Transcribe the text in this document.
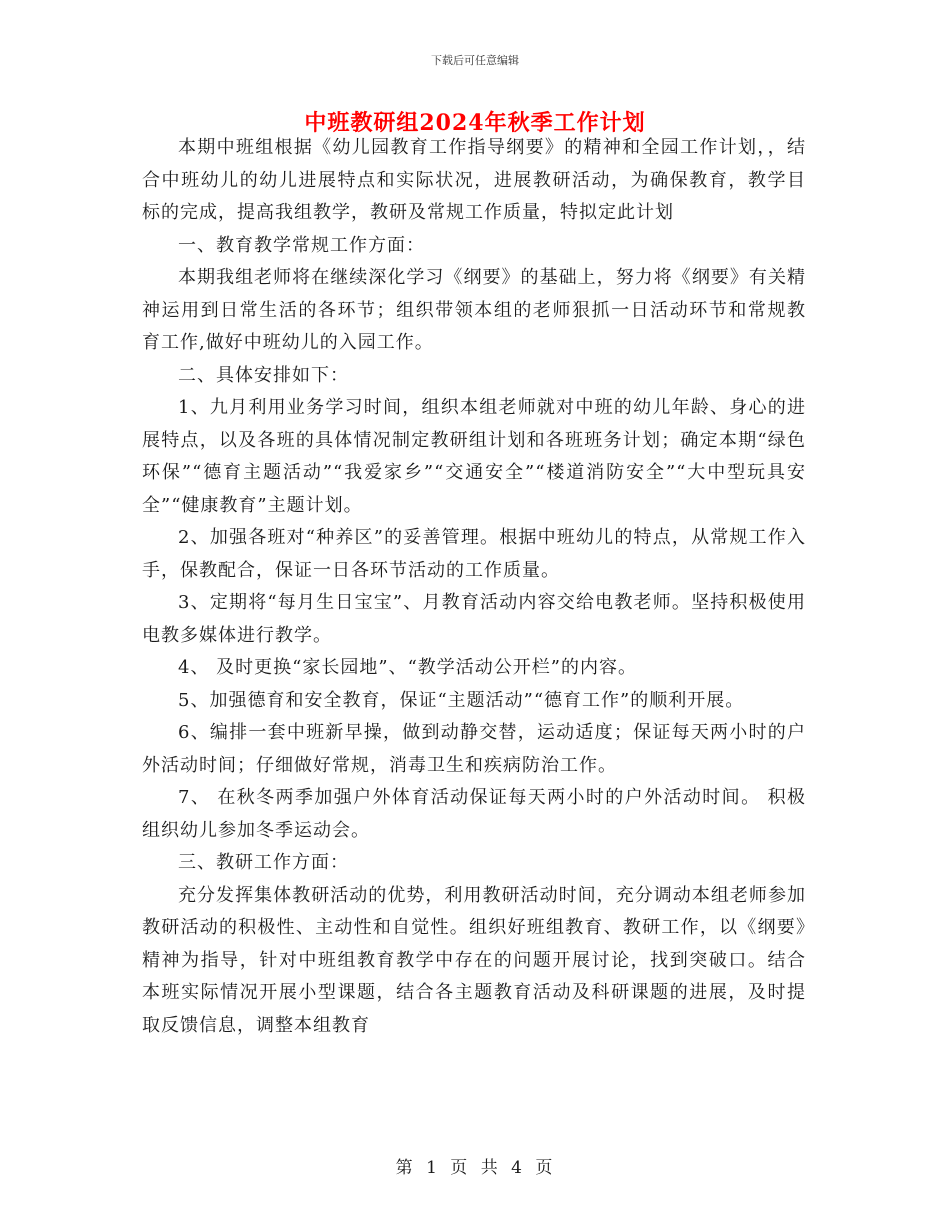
下载后可任意编辑
中班教研组2024年秋季工作计划

本期中班组根据《幼儿园教育工作指导纲要》的精神和全园工作计划，，结合中班幼儿的幼儿进展特点和实际状况，进展教研活动，为确保教育，教学目标的完成，提高我组教学，教研及常规工作质量，特拟定此计划

一、教育教学常规工作方面：

本期我组老师将在继续深化学习《纲要》的基础上，努力将《纲要》有关精神运用到日常生活的各环节；组织带领本组的老师狠抓一日活动环节和常规教育工作,做好中班幼儿的入园工作。

二、具体安排如下：

1、九月利用业务学习时间，组织本组老师就对中班的幼儿年龄、身心的进展特点，以及各班的具体情况制定教研组计划和各班班务计划；确定本期“绿色环保”“德育主题活动”“我爱家乡”“交通安全”“楼道消防安全”“大中型玩具安全”“健康教育”主题计划。

2、加强各班对“种养区”的妥善管理。根据中班幼儿的特点，从常规工作入手，保教配合，保证一日各环节活动的工作质量。

3、定期将“每月生日宝宝”、月教育活动内容交给电教老师。坚持积极使用电教多媒体进行教学。

4、 及时更换“家长园地”、“教学活动公开栏”的内容。

5、加强德育和安全教育，保证“主题活动”“德育工作”的顺利开展。

6、编排一套中班新早操，做到动静交替，运动适度；保证每天两小时的户外活动时间；仔细做好常规，消毒卫生和疾病防治工作。

7、 在秋冬两季加强户外体育活动保证每天两小时的户外活动时间。 积极组织幼儿参加冬季运动会。

三、教研工作方面：

充分发挥集体教研活动的优势，利用教研活动时间，充分调动本组老师参加教研活动的积极性、主动性和自觉性。组织好班组教育、教研工作，以《纲要》精神为指导，针对中班组教育教学中存在的问题开展讨论，找到突破口。结合本班实际情况开展小型课题，结合各主题教育活动及科研课题的进展，及时提取反馈信息，调整本组教育

第 1 页 共 4 页
